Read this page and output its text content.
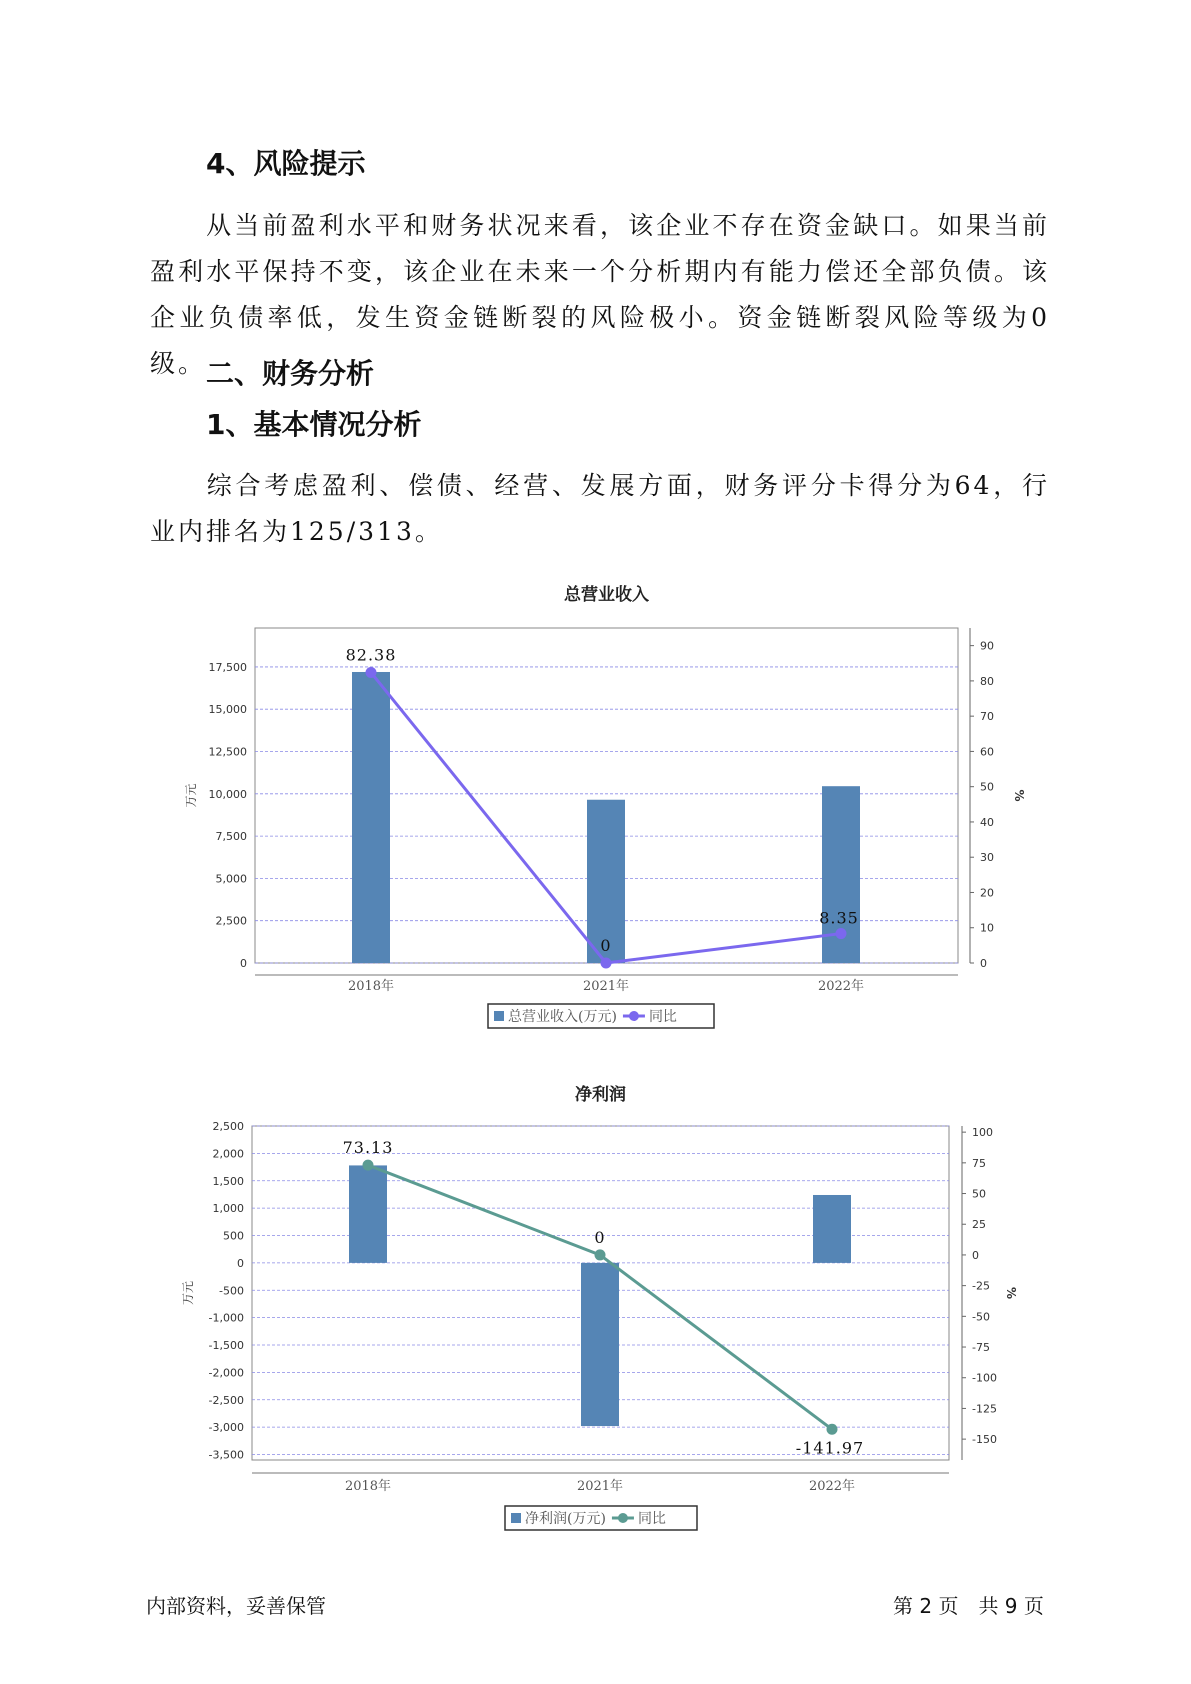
4、风险提示

从当前盈利水平和财务状况来看，该企业不存在资金缺口。如果当前盈利水平保持不变，该企业在未来一个分析期内有能力偿还全部负债。该企业负债率低，发生资金链断裂的风险极小。资金链断裂风险等级为0级。 二、财务分析
1、基本情况分析

综合考虑盈利、偿债、经营、发展方面，财务评分卡得分为64，行业内排名为125/313。

总营业收入
0
2,500
5,000
7,500
10,000
12,500
15,000
17,500
0
10
20
30
40
50
60
70
80
90
万元	%
2018年	2021年	2022年
82.38
0
8.35
总营业收入(万元) 同比
净利润
-3,500
-3,000
-2,500
-2,000
-1,500
-1,000
-500
0
500
1,000
1,500
2,000
2,500
-150
-125
-100
-75
-50
-25
0
25
50
75
100
万元	%
2018年	2021年	2022年
73.13
0
-141.97
净利润(万元) 同比
内部资料，妥善保管	第 2 页　共 9 页
